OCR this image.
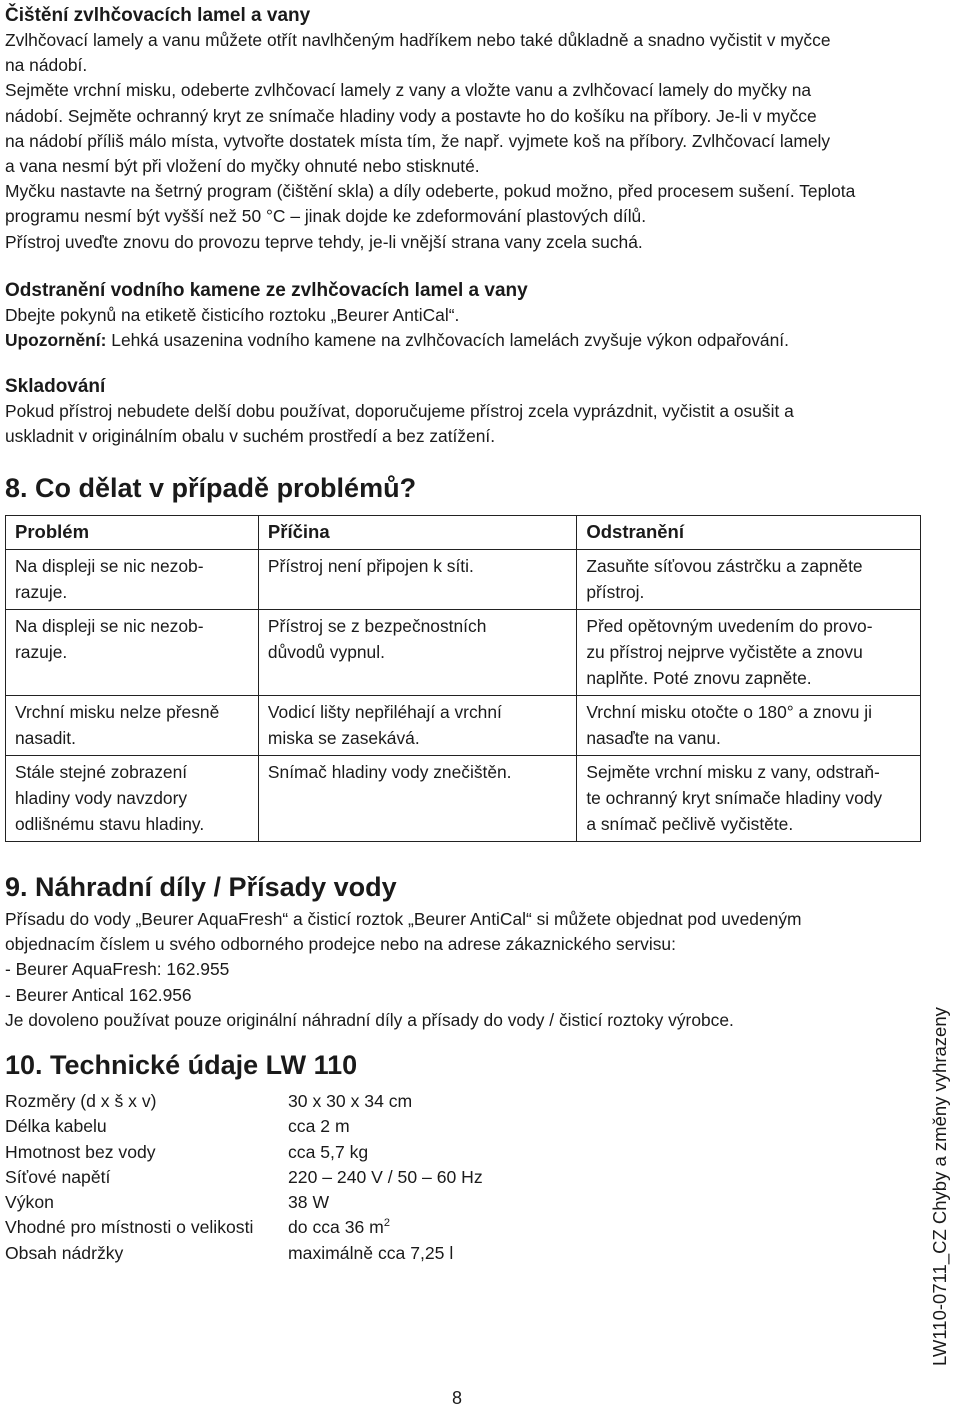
Čištění zvlhčovacích lamel a vany

Zvlhčovací lamely a vanu můžete otřít navlhčeným hadříkem nebo také důkladně a snadno vyčistit v myčce

na nádobí.

Sejměte vrchní misku, odeberte zvlhčovací lamely z vany a vložte vanu a zvlhčovací lamely do myčky na

nádobí. Sejměte ochranný kryt ze snímače hladiny vody a postavte ho do košíku na příbory. Je-li v myčce

na nádobí příliš málo místa, vytvořte dostatek místa tím, že např. vyjmete koš na příbory. Zvlhčovací lamely

a vana nesmí být při vložení do myčky ohnuté nebo stisknuté.

Myčku nastavte na šetrný program (čištění skla) a díly odeberte, pokud možno, před procesem sušení. Teplota

programu nesmí být vyšší než 50 °C – jinak dojde ke zdeformování plastových dílů.

Přístroj uveďte znovu do provozu teprve tehdy, je-li vnější strana vany zcela suchá.

Odstranění vodního kamene ze zvlhčovacích lamel a vany

Dbejte pokynů na etiketě čisticího roztoku „Beurer AntiCal“.

Upozornění: Lehká usazenina vodního kamene na zvlhčovacích lamelách zvyšuje výkon odpařování.

Skladování

Pokud přístroj nebudete delší dobu používat, doporučujeme přístroj zcela vyprázdnit, vyčistit a osušit a

uskladnit v originálním obalu v suchém prostředí a bez zatížení.

8. Co dělat v případě problémů?
Problém	Příčina	Odstranění
Na displeji se nic nezob-
razuje.	Přístroj není připojen k síti.	Zasuňte síťovou zástrčku a zapněte
přístroj.
Na displeji se nic nezob-
razuje.	Přístroj se z bezpečnostních
důvodů vypnul.	Před opětovným uvedením do provo-
zu přístroj nejprve vyčistěte a znovu
naplňte. Poté znovu zapněte.
Vrchní misku nelze přesně
nasadit.	Vodicí lišty nepřiléhají a vrchní
miska se zasekává.	Vrchní misku otočte o 180° a znovu ji
nasaďte na vanu.
Stále stejné zobrazení
hladiny vody navzdory
odlišnému stavu hladiny.	Snímač hladiny vody znečištěn.	Sejměte vrchní misku z vany, odstraň-
te ochranný kryt snímače hladiny vody
a snímač pečlivě vyčistěte.
9. Náhradní díly / Přísady vody

Přísadu do vody „Beurer AquaFresh“ a čisticí roztok „Beurer AntiCal“ si můžete objednat pod uvedeným

objednacím číslem u svého odborného prodejce nebo na adrese zákaznického servisu:

- Beurer AquaFresh: 162.955

- Beurer Antical 162.956

Je dovoleno používat pouze originální náhradní díly a přísady do vody / čisticí roztoky výrobce.

10. Technické údaje LW 110
Rozměry (d x š x v)	30 x 30 x 34 cm
Délka kabelu	cca 2 m
Hmotnost bez vody	cca 5,7 kg
Síťové napětí	220 – 240 V / 50 – 60 Hz
Výkon	38 W
Vhodné pro místnosti o velikosti	do cca 36 $m^2$
Obsah nádržky	maximálně cca 7,25 l
8
LW110-0711_CZ Chyby a změny vyhrazeny
